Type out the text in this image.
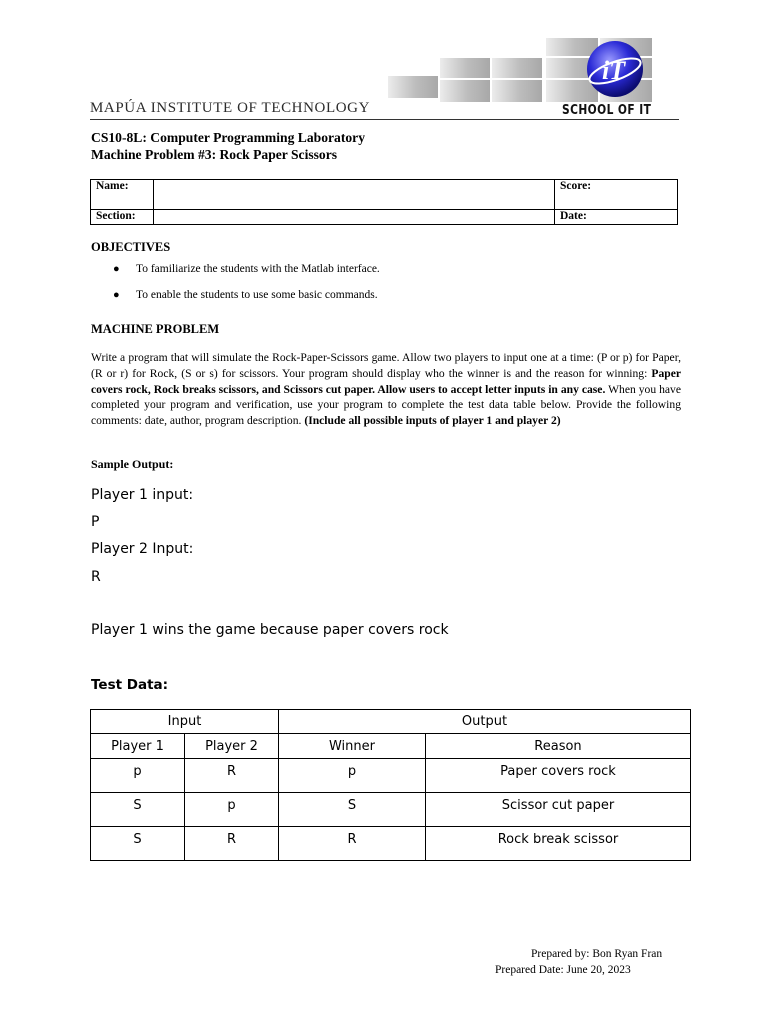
iT
MAPÚA INSTITUTE OF TECHNOLOGY	SCHOOL OF IT
CS10-8L: Computer Programming Laboratory
Machine Problem #3: Rock Paper Scissors
Name:		Score:
Section:		Date:
OBJECTIVES
● To familiarize the students with the Matlab interface.
● To enable the students to use some basic commands.
MACHINE PROBLEM
Write a program that will simulate the Rock-Paper-Scissors game. Allow two players to input one at a time: (P or p) for Paper, (R or r) for Rock, (S or s) for scissors. Your program should display who the winner is and the reason for winning: Paper covers rock, Rock breaks scissors, and Scissors cut paper. Allow users to accept letter inputs in any case. When you have completed your program and verification, use your program to complete the test data table below. Provide the following comments: date, author, program description. (Include all possible inputs of player 1 and player 2)
Sample Output:
Player 1 input:
P
Player 2 Input:
R
Player 1 wins the game because paper covers rock
Test Data:
Input		Output	
Player 1	Player 2	Winner	Reason
p	R	p	Paper covers rock
S	p	S	Scissor cut paper
S	R	R	Rock break scissor
Prepared by: Bon Ryan Fran
Prepared Date: June 20, 2023
